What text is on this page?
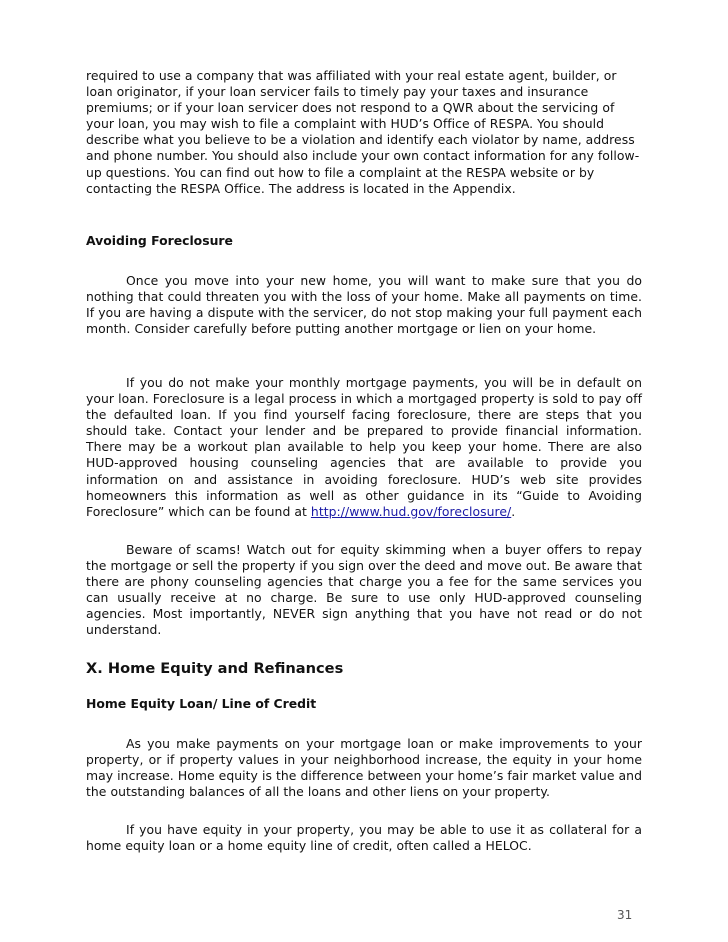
required to use a company that was affiliated with your real estate agent, builder, or loan originator, if your loan servicer fails to timely pay your taxes and insurance premiums; or if your loan servicer does not respond to a QWR about the servicing of your loan, you may wish to file a complaint with HUD’s Office of RESPA. You should describe what you believe to be a violation and identify each violator by name, address and phone number. You should also include your own contact information for any follow-up questions. You can find out how to file a complaint at the RESPA website or by contacting the RESPA Office. The address is located in the Appendix.

Avoiding Foreclosure

Once you move into your new home, you will want to make sure that you do nothing that could threaten you with the loss of your home. Make all payments on time. If you are having a dispute with the servicer, do not stop making your full payment each month. Consider carefully before putting another mortgage or lien on your home.

If you do not make your monthly mortgage payments, you will be in default on your loan. Foreclosure is a legal process in which a mortgaged property is sold to pay off the defaulted loan. If you find yourself facing foreclosure, there are steps that you should take. Contact your lender and be prepared to provide financial information. There may be a workout plan available to help you keep your home. There are also HUD-approved housing counseling agencies that are available to provide you information on and assistance in avoiding foreclosure. HUD’s web site provides homeowners this information as well as other guidance in its “Guide to Avoiding Foreclosure” which can be found at http://www.hud.gov/foreclosure/.

Beware of scams! Watch out for equity skimming when a buyer offers to repay the mortgage or sell the property if you sign over the deed and move out. Be aware that there are phony counseling agencies that charge you a fee for the same services you can usually receive at no charge. Be sure to use only HUD-approved counseling agencies. Most importantly, NEVER sign anything that you have not read or do not understand.

X. Home Equity and Refinances
Home Equity Loan/ Line of Credit

As you make payments on your mortgage loan or make improvements to your property, or if property values in your neighborhood increase, the equity in your home may increase. Home equity is the difference between your home’s fair market value and the outstanding balances of all the loans and other liens on your property.

If you have equity in your property, you may be able to use it as collateral for a home equity loan or a home equity line of credit, often called a HELOC.

31
